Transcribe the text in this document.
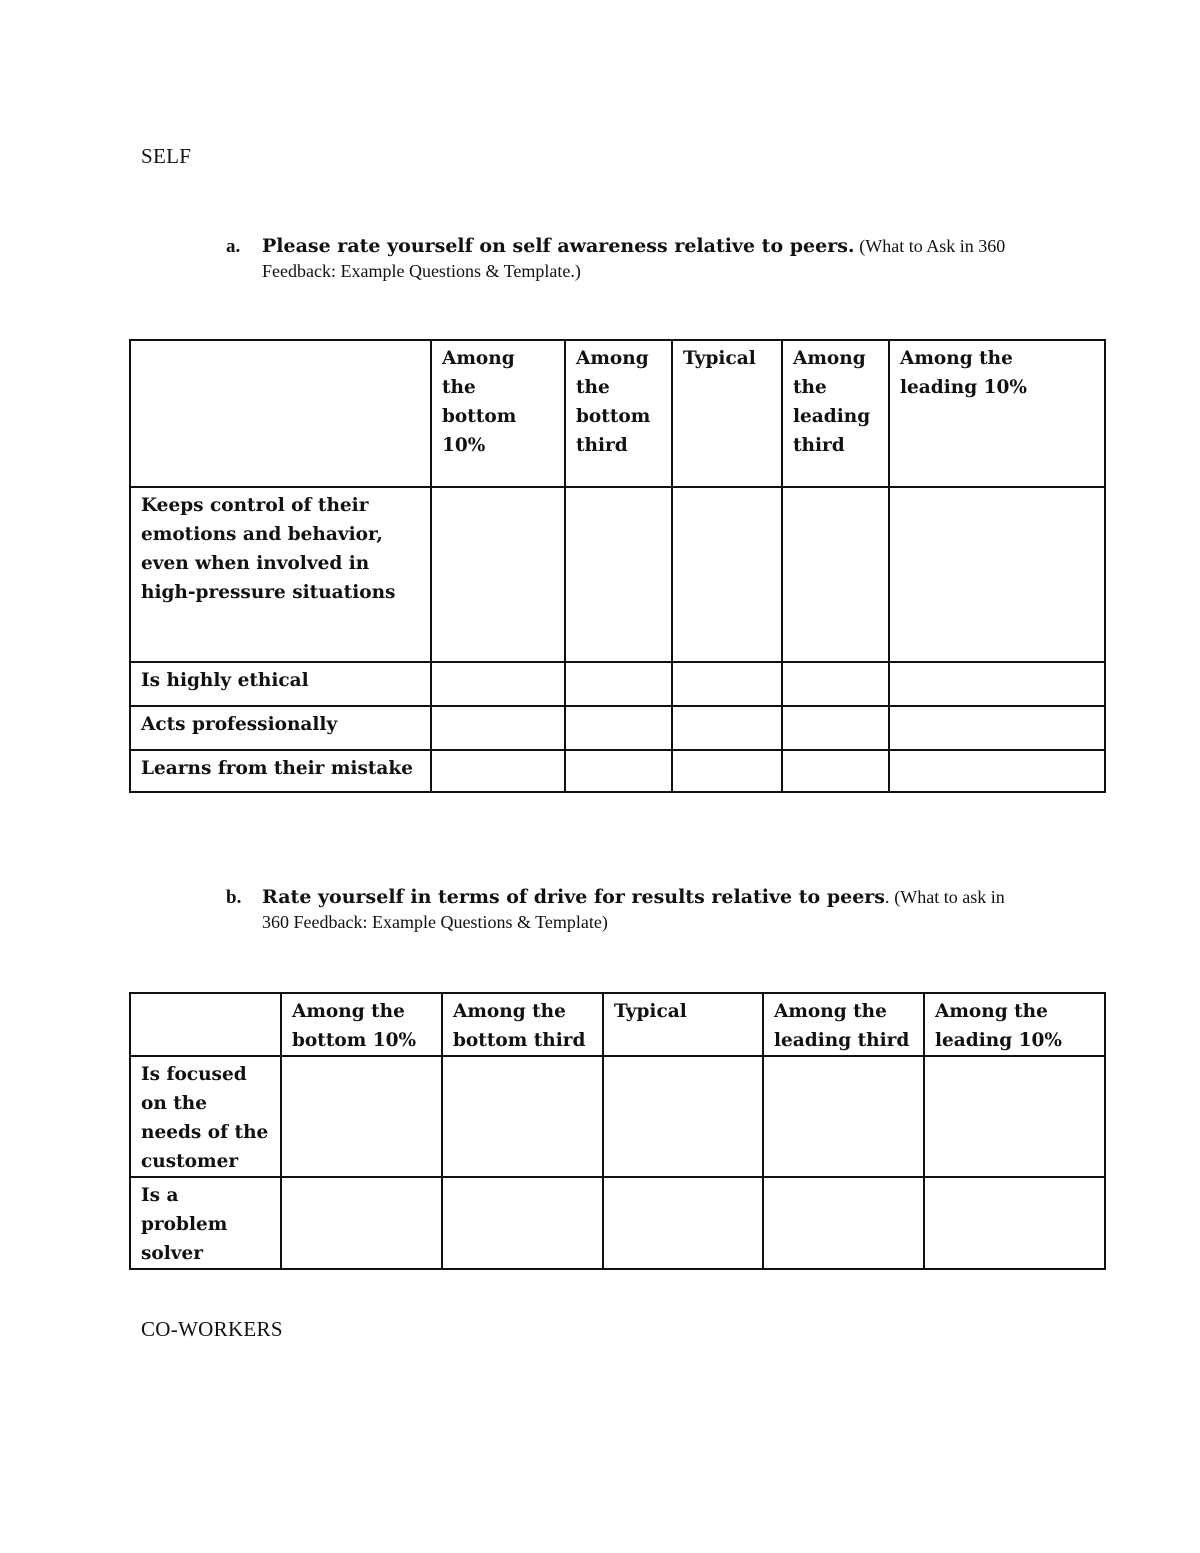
SELF
a. Please rate yourself on self awareness relative to peers. (What to Ask in 360 Feedback: Example Questions & Template.)
	Among the bottom 10%	Among the bottom third	Typical	Among the leading third	Among the leading 10%
Keeps control of their emotions and behavior, even when involved in high-pressure situations					
Is highly ethical					
Acts professionally					
Learns from their mistake					
b. Rate yourself in terms of drive for results relative to peers. (What to ask in 360 Feedback: Example Questions & Template)
	Among the bottom 10%	Among the bottom third	Typical	Among the leading third	Among the leading 10%
Is focused on the needs of the customer					
Is a problem solver					
CO-WORKERS
